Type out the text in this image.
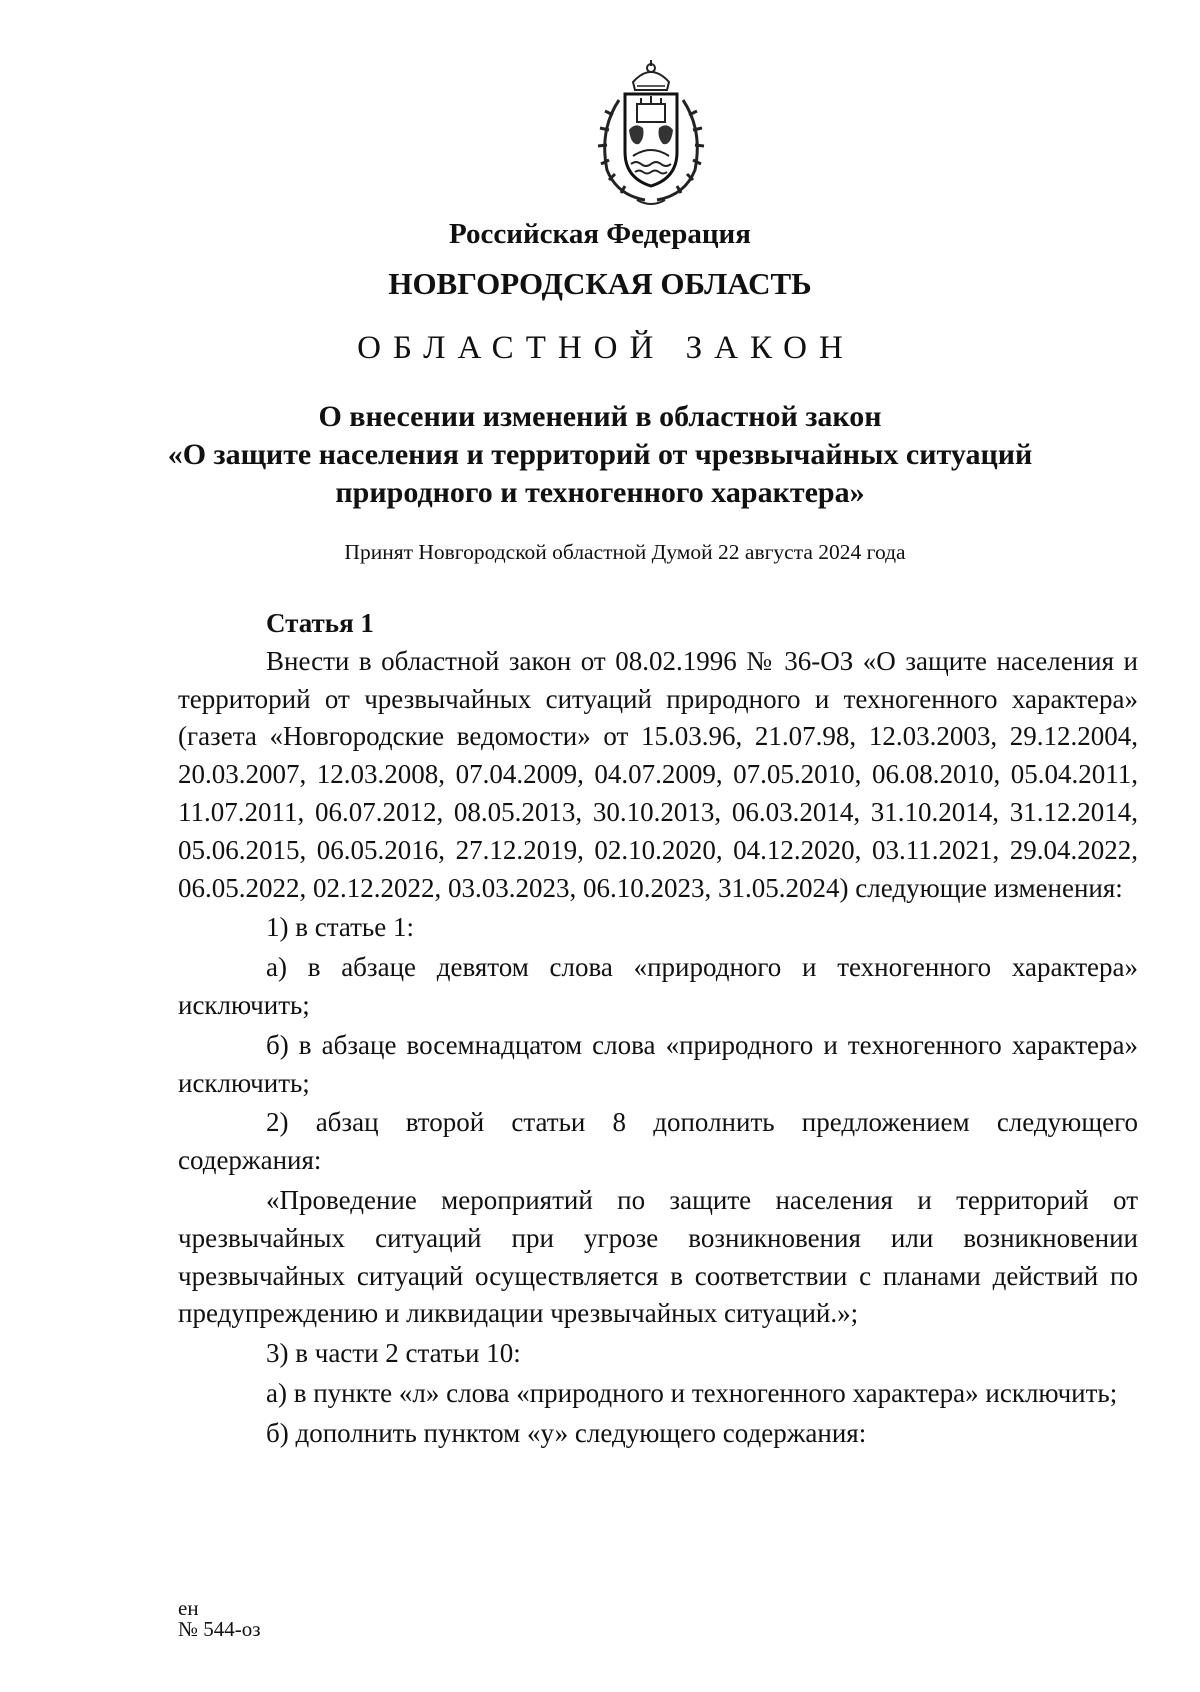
Российская Федерация
НОВГОРОДСКАЯ ОБЛАСТЬ
ОБЛАСТНОЙ ЗАКОН
О внесении изменений в областной закон
«О защите населения и территорий от чрезвычайных ситуаций
природного и техногенного характера»
Принят Новгородской областной Думой 22 августа 2024 года
Статья 1

Внести в областной закон от 08.02.1996 № 36-ОЗ «О защите населения и территорий от чрезвычайных ситуаций природного и техногенного характера» (газета «Новгородские ведомости» от 15.03.96, 21.07.98, 12.03.2003, 29.12.2004, 20.03.2007, 12.03.2008, 07.04.2009, 04.07.2009, 07.05.2010, 06.08.2010, 05.04.2011, 11.07.2011, 06.07.2012, 08.05.2013, 30.10.2013, 06.03.2014, 31.10.2014, 31.12.2014, 05.06.2015, 06.05.2016, 27.12.2019, 02.10.2020, 04.12.2020, 03.11.2021, 29.04.2022, 06.05.2022, 02.12.2022, 03.03.2023, 06.10.2023, 31.05.2024) следующие изменения:

1) в статье 1:

а) в абзаце девятом слова «природного и техногенного характера» исключить;

б) в абзаце восемнадцатом слова «природного и техногенного характера» исключить;

2) абзац второй статьи 8 дополнить предложением следующего содержания:

«Проведение мероприятий по защите населения и территорий от чрезвычайных ситуаций при угрозе возникновения или возникновении чрезвычайных ситуаций осуществляется в соответствии с планами действий по предупреждению и ликвидации чрезвычайных ситуаций.»;

3) в части 2 статьи 10:

а) в пункте «л» слова «природного и техногенного характера» исключить;

б) дополнить пунктом «у» следующего содержания:

ен
№ 544-оз
